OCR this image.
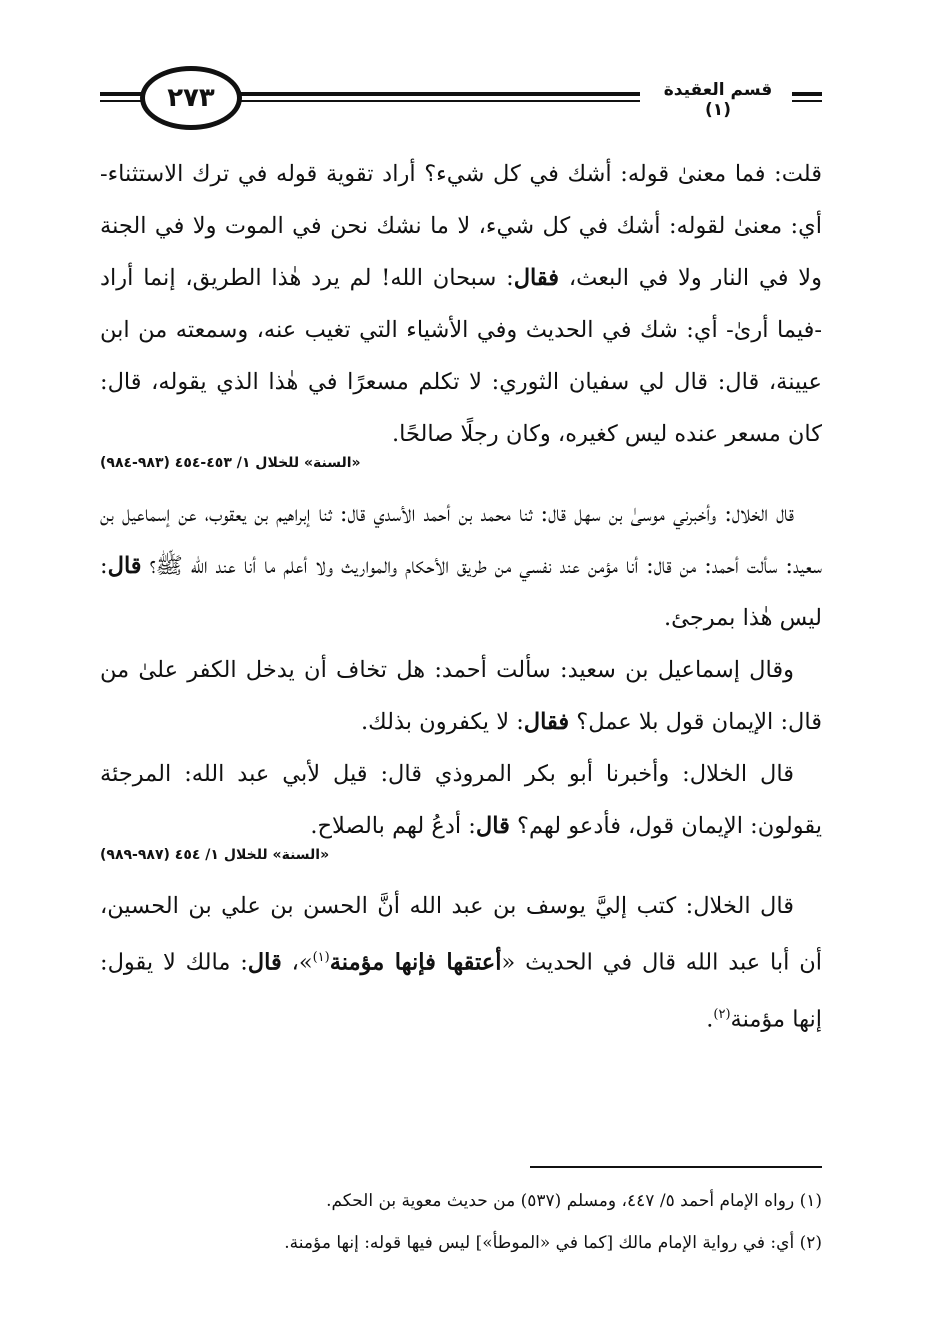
٢٧٣	قسم العقيدة (١)

قلت: فما معنىٰ قوله: أشك في كل شيء؟ أراد تقوية قوله في ترك الاستثناء- أي: معنىٰ لقوله: أشك في كل شيء، لا ما نشك نحن في الموت ولا في الجنة ولا في النار ولا في البعث، فقال: سبحان الله! لم يرد هٰذا الطريق، إنما أراد -فيما أرىٰ- أي: شك في الحديث وفي الأشياء التي تغيب عنه، وسمعته من ابن عيينة، قال: قال لي سفيان الثوري: لا تكلم مسعرًا في هٰذا الذي يقوله، قال: كان مسعر عنده ليس كغيره، وكان رجلًا صالحًا.

«السنة» للخلال ١/ ٤٥٣-٤٥٤ (٩٨٣-٩٨٤)

قال الخلال: وأخبرني موسىٰ بن سهل قال: ثنا محمد بن أحمد الأسدي قال: ثنا إبراهيم بن يعقوب، عن إسماعيل بن سعيد: سألت أحمد: من قال: أنا مؤمن عند نفسي من طريق الأحكام والمواريث ولا أعلم ما أنا عند الله ﷺ؟ قال: ليس هٰذا بمرجئ.

وقال إسماعيل بن سعيد: سألت أحمد: هل تخاف أن يدخل الكفر علىٰ من قال: الإيمان قول بلا عمل؟ فقال: لا يكفرون بذلك.

قال الخلال: وأخبرنا أبو بكر المروذي قال: قيل لأبي عبد الله: المرجئة يقولون: الإيمان قول، فأدعو لهم؟ قال: أدعُ لهم بالصلاح.

«السنة» للخلال ١/ ٤٥٤ (٩٨٧-٩٨٩)

قال الخلال: كتب إليَّ يوسف بن عبد الله أنَّ الحسن بن علي بن الحسين، أن أبا عبد الله قال في الحديث «أعتقها فإنها مؤمنة$^{(١)}$»، قال: مالك لا يقول: إنها مؤمنة$^{(٢)}$.

(١) رواه الإمام أحمد ٥/ ٤٤٧، ومسلم (٥٣٧) من حديث معوية بن الحكم.
(٢) أي: في رواية الإمام مالك [كما في «الموطأ»] ليس فيها قوله: إنها مؤمنة.
